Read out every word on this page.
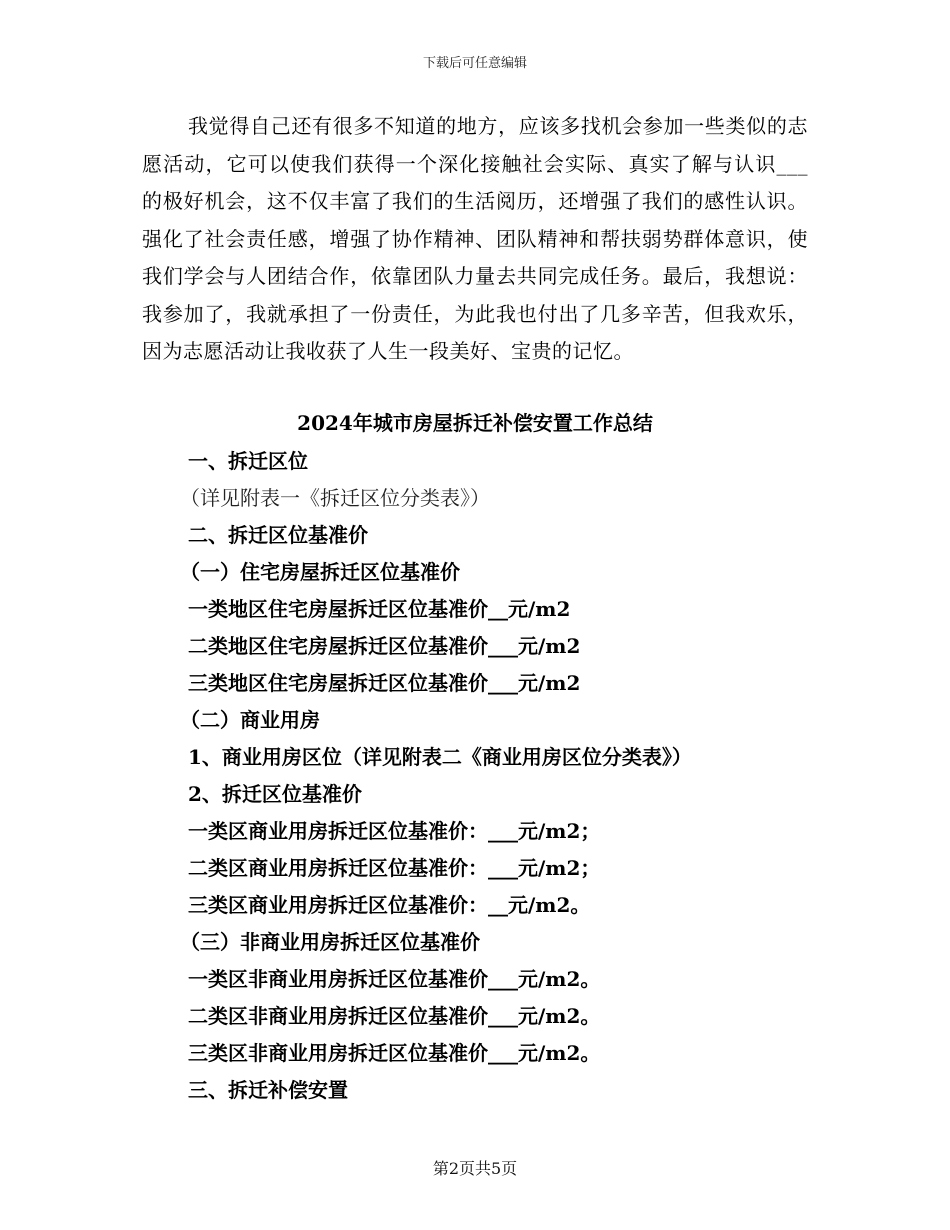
下载后可任意编辑

我觉得自己还有很多不知道的地方，应该多找机会参加一些类似的志愿活动，它可以使我们获得一个深化接触社会实际、真实了解与认识___的极好机会，这不仅丰富了我们的生活阅历，还增强了我们的感性认识。强化了社会责任感，增强了协作精神、团队精神和帮扶弱势群体意识，使我们学会与人团结合作，依靠团队力量去共同完成任务。最后，我想说：我参加了，我就承担了一份责任，为此我也付出了几多辛苦，但我欢乐，因为志愿活动让我收获了人生一段美好、宝贵的记忆。

2024年城市房屋拆迁补偿安置工作总结
一、拆迁区位
（详见附表一《拆迁区位分类表》）
二、拆迁区位基准价
（一）住宅房屋拆迁区位基准价
一类地区住宅房屋拆迁区位基准价__元/m2
二类地区住宅房屋拆迁区位基准价___元/m2
三类地区住宅房屋拆迁区位基准价___元/m2
（二）商业用房
1、商业用房区位（详见附表二《商业用房区位分类表》）
2、拆迁区位基准价
一类区商业用房拆迁区位基准价：___元/m2；
二类区商业用房拆迁区位基准价：___元/m2；
三类区商业用房拆迁区位基准价：__元/m2。
（三）非商业用房拆迁区位基准价
一类区非商业用房拆迁区位基准价___元/m2。
二类区非商业用房拆迁区位基准价___元/m2。
三类区非商业用房拆迁区位基准价___元/m2。
三、拆迁补偿安置
第2页共5页
